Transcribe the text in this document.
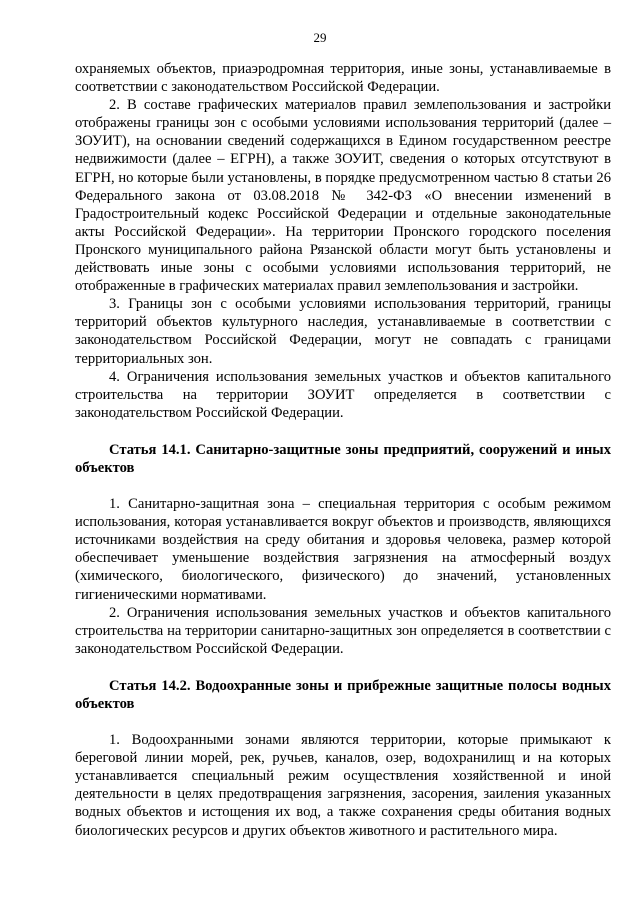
29

охраняемых объектов, приаэродромная территория, иные зоны, устанавливаемые в соответствии с законодательством Российской Федерации.

2. В составе графических материалов правил землепользования и застройки отображены границы зон с особыми условиями использования территорий (далее – ЗОУИТ), на основании сведений содержащихся в Едином государственном реестре недвижимости (далее – ЕГРН), а также ЗОУИТ, сведения о которых отсутствуют в ЕГРН, но которые были установлены, в порядке предусмотренном частью 8 статьи 26 Федерального закона от 03.08.2018 № 342-ФЗ «О внесении изменений в Градостроительный кодекс Российской Федерации и отдельные законодательные акты Российской Федерации». На территории Пронского городского поселения Пронского муниципального района Рязанской области могут быть установлены и действовать иные зоны с особыми условиями использования территорий, не отображенные в графических материалах правил землепользования и застройки.

3. Границы зон с особыми условиями использования территорий, границы территорий объектов культурного наследия, устанавливаемые в соответствии с законодательством Российской Федерации, могут не совпадать с границами территориальных зон.

4. Ограничения использования земельных участков и объектов капитального строительства на территории ЗОУИТ определяется в соответствии с законодательством Российской Федерации.

Статья 14.1. Санитарно-защитные зоны предприятий, сооружений и иных объектов

1. Санитарно-защитная зона – специальная территория с особым режимом использования, которая устанавливается вокруг объектов и производств, являющихся источниками воздействия на среду обитания и здоровья человека, размер которой обеспечивает уменьшение воздействия загрязнения на атмосферный воздух (химического, биологического, физического) до значений, установленных гигиеническими нормативами.

2. Ограничения использования земельных участков и объектов капитального строительства на территории санитарно-защитных зон определяется в соответствии с законодательством Российской Федерации.

Статья 14.2. Водоохранные зоны и прибрежные защитные полосы водных объектов

1. Водоохранными зонами являются территории, которые примыкают к береговой линии морей, рек, ручьев, каналов, озер, водохранилищ и на которых устанавливается специальный режим осуществления хозяйственной и иной деятельности в целях предотвращения загрязнения, засорения, заиления указанных водных объектов и истощения их вод, а также сохранения среды обитания водных биологических ресурсов и других объектов животного и растительного мира.
